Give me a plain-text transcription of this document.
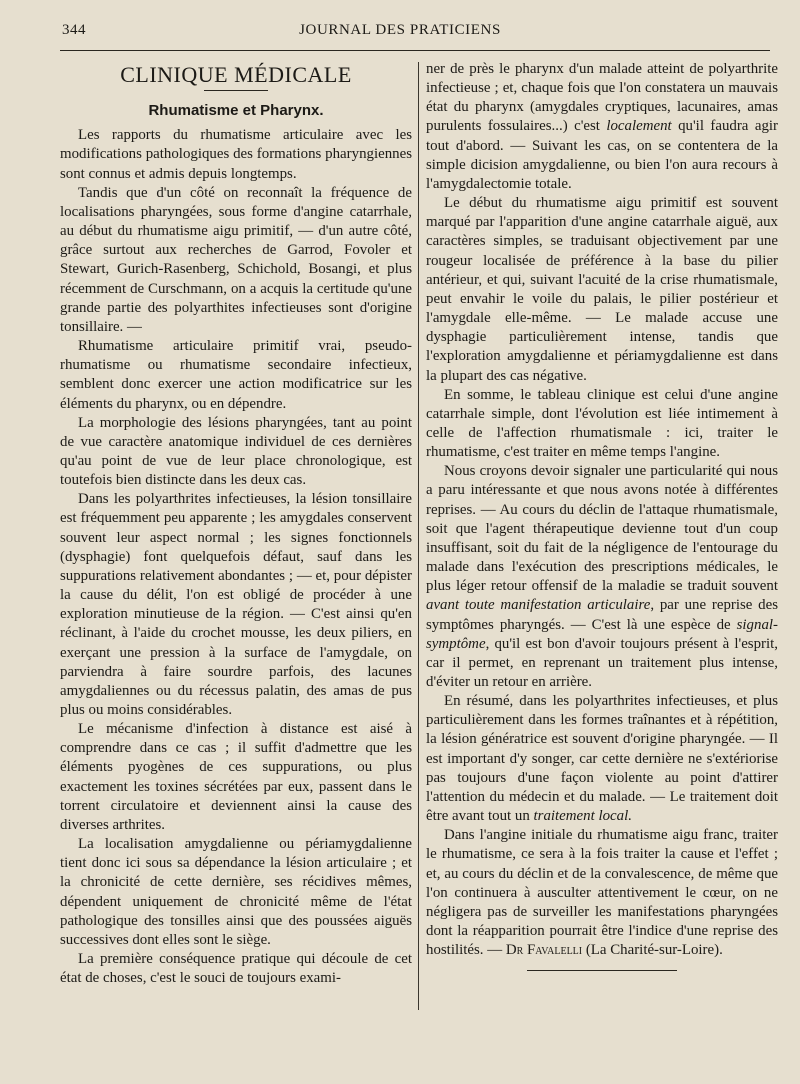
344	JOURNAL DES PRATICIENS
CLINIQUE MÉDICALE
Rhumatisme et Pharynx.

Les rapports du rhumatisme articulaire avec les modifications pathologiques des formations pharyngiennes sont connus et admis depuis longtemps.

Tandis que d'un côté on reconnaît la fréquence de localisations pharyngées, sous forme d'angine catarrhale, au début du rhumatisme aigu primitif, — d'un autre côté, grâce surtout aux recherches de Garrod, Fovoler et Stewart, Gurich-Rasenberg, Schichold, Bosangi, et plus récemment de Curschmann, on a acquis la certitude qu'une grande partie des polyarthites infectieuses sont d'origine tonsillaire. —

Rhumatisme articulaire primitif vrai, pseudo-rhumatisme ou rhumatisme secondaire infectieux, semblent donc exercer une action modificatrice sur les éléments du pharynx, ou en dépendre.

La morphologie des lésions pharyngées, tant au point de vue caractère anatomique individuel de ces dernières qu'au point de vue de leur place chronologique, est toutefois bien distincte dans les deux cas.

Dans les polyarthrites infectieuses, la lésion tonsillaire est fréquemment peu apparente ; les amygdales conservent souvent leur aspect normal ; les signes fonctionnels (dysphagie) font quelquefois défaut, sauf dans les suppurations relativement abondantes ; — et, pour dépister la cause du délit, l'on est obligé de procéder à une exploration minutieuse de la région. — C'est ainsi qu'en réclinant, à l'aide du crochet mousse, les deux piliers, en exerçant une pression à la surface de l'amygdale, on parviendra à faire sourdre parfois, des lacunes amygdaliennes ou du récessus palatin, des amas de pus plus ou moins considérables.

Le mécanisme d'infection à distance est aisé à comprendre dans ce cas ; il suffit d'admettre que les éléments pyogènes de ces suppurations, ou plus exactement les toxines sécrétées par eux, passent dans le torrent circulatoire et deviennent ainsi la cause des diverses arthrites.

La localisation amygdalienne ou périamygdalienne tient donc ici sous sa dépendance la lésion articulaire ; et la chronicité de cette dernière, ses récidives mêmes, dépendent uniquement de chronicité même de l'état pathologique des tonsilles ainsi que des poussées aiguës successives dont elles sont le siège.

La première conséquence pratique qui découle de cet état de choses, c'est le souci de toujours exami-

ner de près le pharynx d'un malade atteint de polyarthrite infectieuse ; et, chaque fois que l'on constatera un mauvais état du pharynx (amygdales cryptiques, lacunaires, amas purulents fossulaires...) c'est localement qu'il faudra agir tout d'abord. — Suivant les cas, on se contentera de la simple dicision amygdalienne, ou bien l'on aura recours à l'amygdalectomie totale.

Le début du rhumatisme aigu primitif est souvent marqué par l'apparition d'une angine catarrhale aiguë, aux caractères simples, se traduisant objectivement par une rougeur localisée de préférence à la base du pilier antérieur, et qui, suivant l'acuité de la crise rhumatismale, peut envahir le voile du palais, le pilier postérieur et l'amygdale elle-même. — Le malade accuse une dysphagie particulièrement intense, tandis que l'exploration amygdalienne et périamygdalienne est dans la plupart des cas négative.

En somme, le tableau clinique est celui d'une angine catarrhale simple, dont l'évolution est liée intimement à celle de l'affection rhumatismale : ici, traiter le rhumatisme, c'est traiter en même temps l'angine.

Nous croyons devoir signaler une particularité qui nous a paru intéressante et que nous avons notée à différentes reprises. — Au cours du déclin de l'attaque rhumatismale, soit que l'agent thérapeutique devienne tout d'un coup insuffisant, soit du fait de la négligence de l'entourage du malade dans l'exécution des prescriptions médicales, le plus léger retour offensif de la maladie se traduit souvent avant toute manifestation articulaire, par une reprise des symptômes pharyngés. — C'est là une espèce de signal-symptôme, qu'il est bon d'avoir toujours présent à l'esprit, car il permet, en reprenant un traitement plus intense, d'éviter un retour en arrière.

En résumé, dans les polyarthrites infectieuses, et plus particulièrement dans les formes traînantes et à répétition, la lésion génératrice est souvent d'origine pharyngée. — Il est important d'y songer, car cette dernière ne s'extériorise pas toujours d'une façon violente au point d'attirer l'attention du médecin et du malade. — Le traitement doit être avant tout un traitement local.

Dans l'angine initiale du rhumatisme aigu franc, traiter le rhumatisme, ce sera à la fois traiter la cause et l'effet ; et, au cours du déclin et de la convalescence, de même que l'on continuera à ausculter attentivement le cœur, on ne négligera pas de surveiller les manifestations pharyngées dont la réapparition pourrait être l'indice d'une reprise des hostilités. — Dr Favalelli (La Charité-sur-Loire).
